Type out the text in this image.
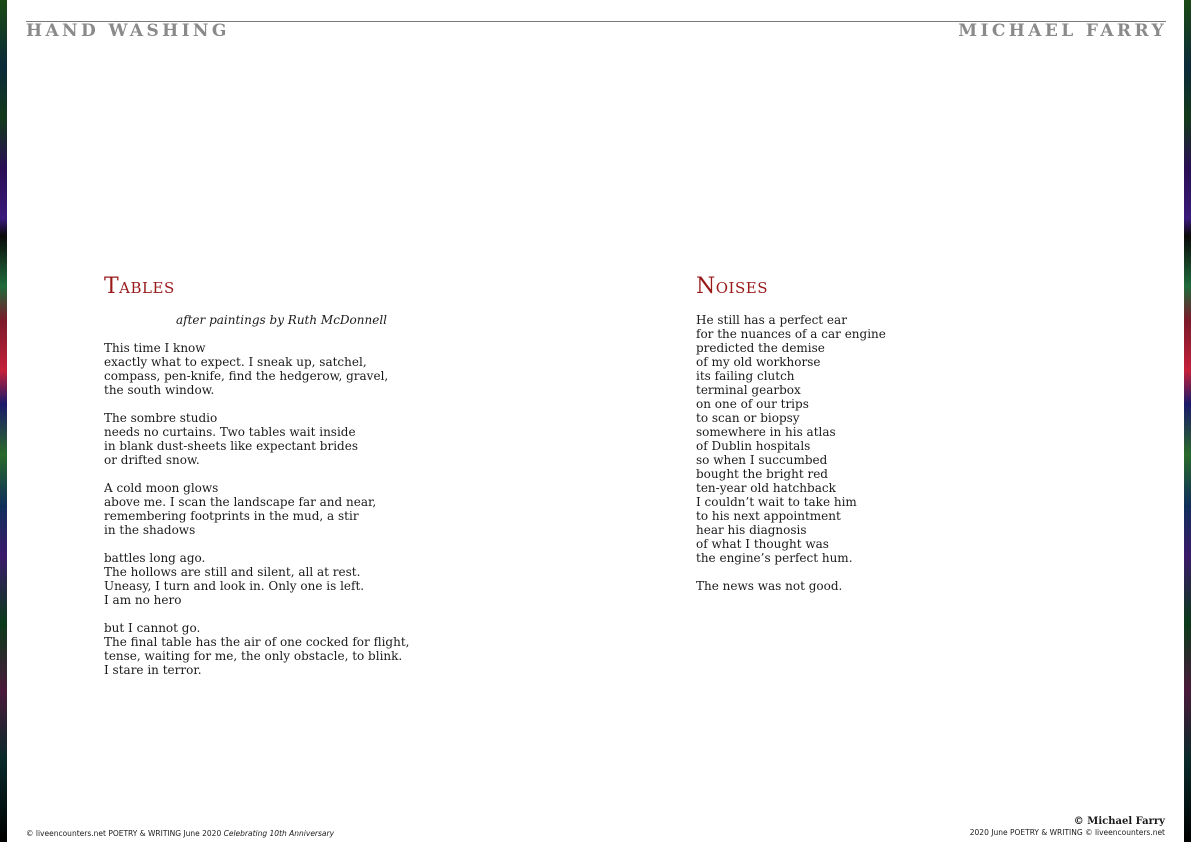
HAND WASHING	MICHAEL FARRY
Tables
after paintings by Ruth McDonnell
This time I know
exactly what to expect. I sneak up, satchel,
compass, pen-knife, find the hedgerow, gravel,
the south window.
The sombre studio
needs no curtains. Two tables wait inside
in blank dust-sheets like expectant brides
or drifted snow.
A cold moon glows
above me. I scan the landscape far and near,
remembering footprints in the mud, a stir
in the shadows
battles long ago.
The hollows are still and silent, all at rest.
Uneasy, I turn and look in. Only one is left.
I am no hero
but I cannot go.
The final table has the air of one cocked for flight,
tense, waiting for me, the only obstacle, to blink.
I stare in terror.
Noises
He still has a perfect ear
for the nuances of a car engine
predicted the demise
of my old workhorse
its failing clutch
terminal gearbox
on one of our trips
to scan or biopsy
somewhere in his atlas
of Dublin hospitals
so when I succumbed
bought the bright red
ten-year old hatchback
I couldn’t wait to take him
to his next appointment
hear his diagnosis
of what I thought was
the engine’s perfect hum.
The news was not good.
© liveencounters.net POETRY & WRITING June 2020 Celebrating 10th Anniversary
© Michael Farry
2020 June POETRY & WRITING © liveencounters.net
